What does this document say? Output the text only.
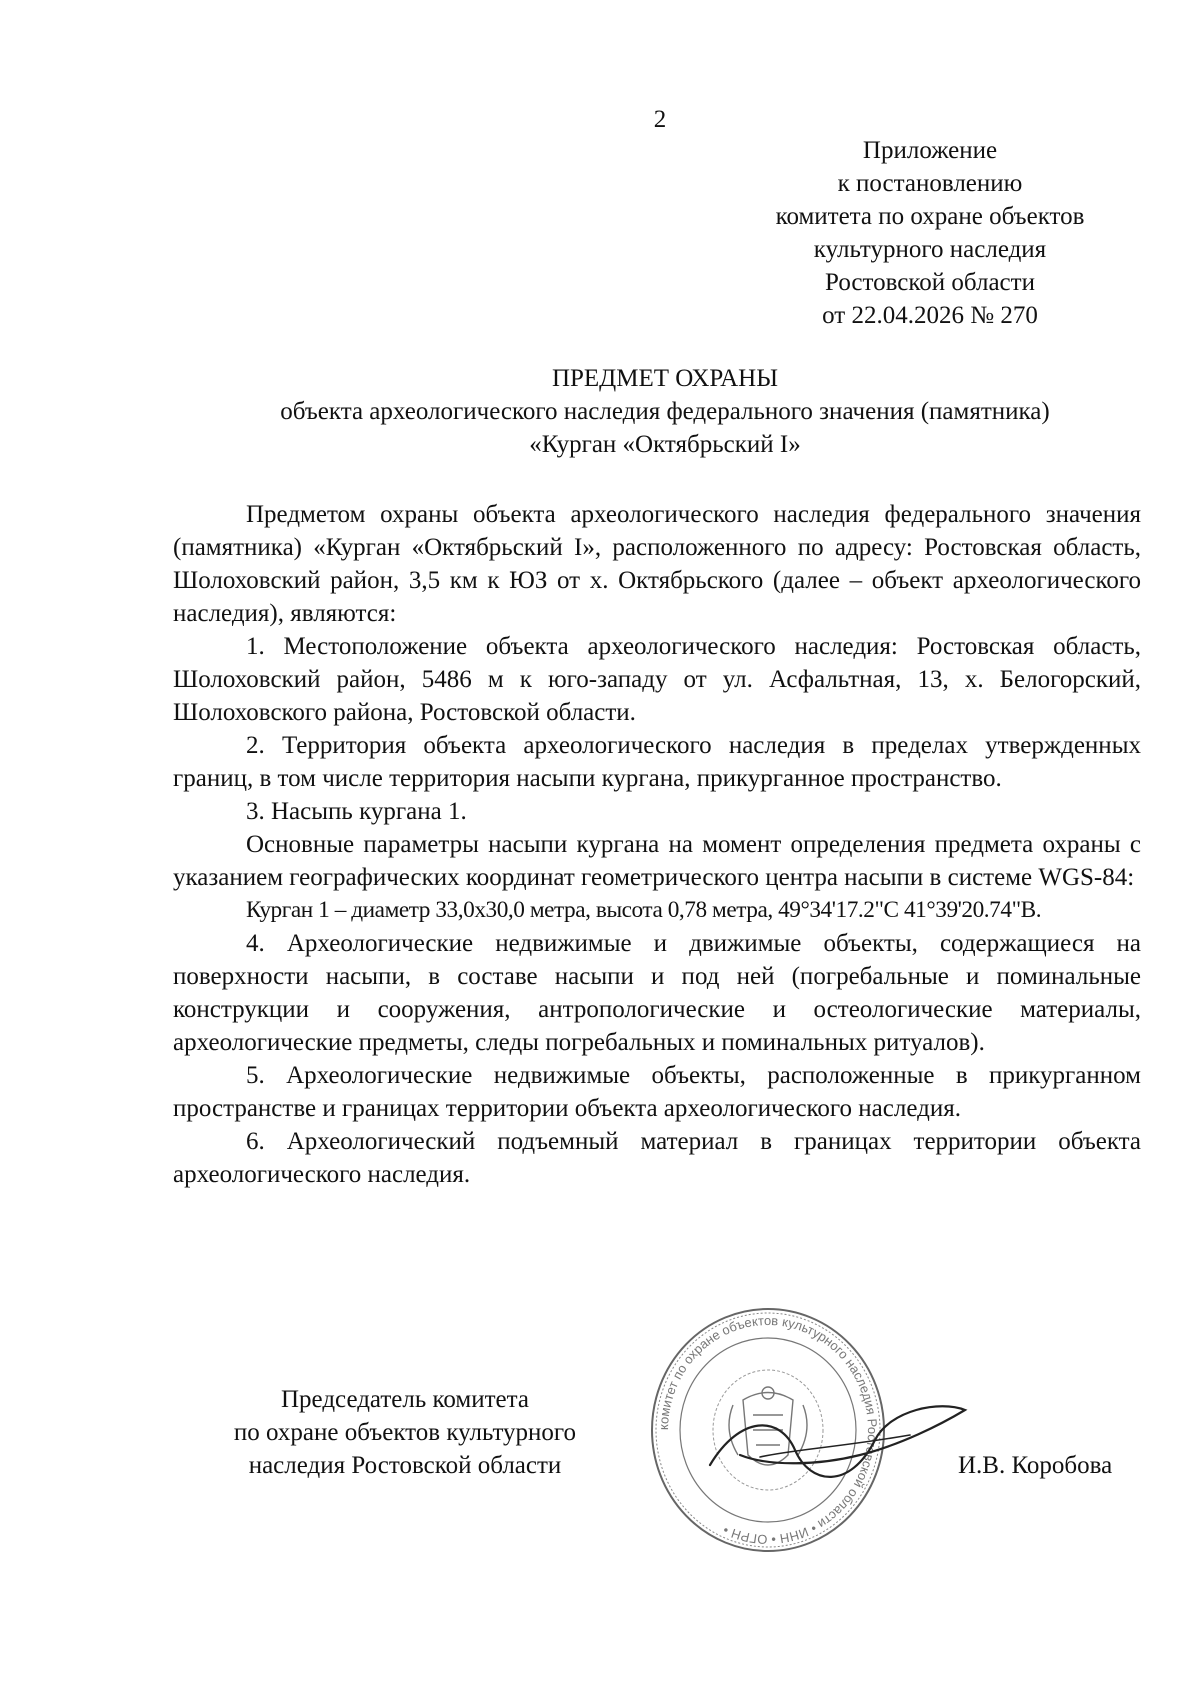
2
Приложение
к постановлению
комитета по охране объектов
культурного наследия
Ростовской области
от 22.04.2026 № 270
ПРЕДМЕТ ОХРАНЫ
объекта археологического наследия федерального значения (памятника)
«Курган «Октябрьский I»

Предметом охраны объекта археологического наследия федерального значения (памятника) «Курган «Октябрьский I», расположенного по адресу: Ростовская область, Шолоховский район, 3,5 км к ЮЗ от х. Октябрьского (далее – объект археологического наследия), являются:

1. Местоположение объекта археологического наследия: Ростовская область, Шолоховский район, 5486 м к юго-западу от ул. Асфальтная, 13, х. Белогорский, Шолоховского района, Ростовской области.

2. Территория объекта археологического наследия в пределах утвержденных границ, в том числе территория насыпи кургана, прикурганное пространство.

3. Насыпь кургана 1.

Основные параметры насыпи кургана на момент определения предмета охраны с указанием географических координат геометрического центра насыпи в системе WGS-84:

Курган 1 – диаметр 33,0х30,0 метра, высота 0,78 метра, 49°34'17.2"С 41°39'20.74"В.

4. Археологические недвижимые и движимые объекты, содержащиеся на поверхности насыпи, в составе насыпи и под ней (погребальные и поминальные конструкции и сооружения, антропологические и остеологические материалы, археологические предметы, следы погребальных и поминальных ритуалов).

5. Археологические недвижимые объекты, расположенные в прикурганном пространстве и границах территории объекта археологического наследия.

6. Археологический подъемный материал в границах территории объекта археологического наследия.

Председатель комитета
по охране объектов культурного
наследия Ростовской области
комитет по охране объектов культурного наследия Ростовской области • ИНН • ОГРН •
И.В. Коробова
